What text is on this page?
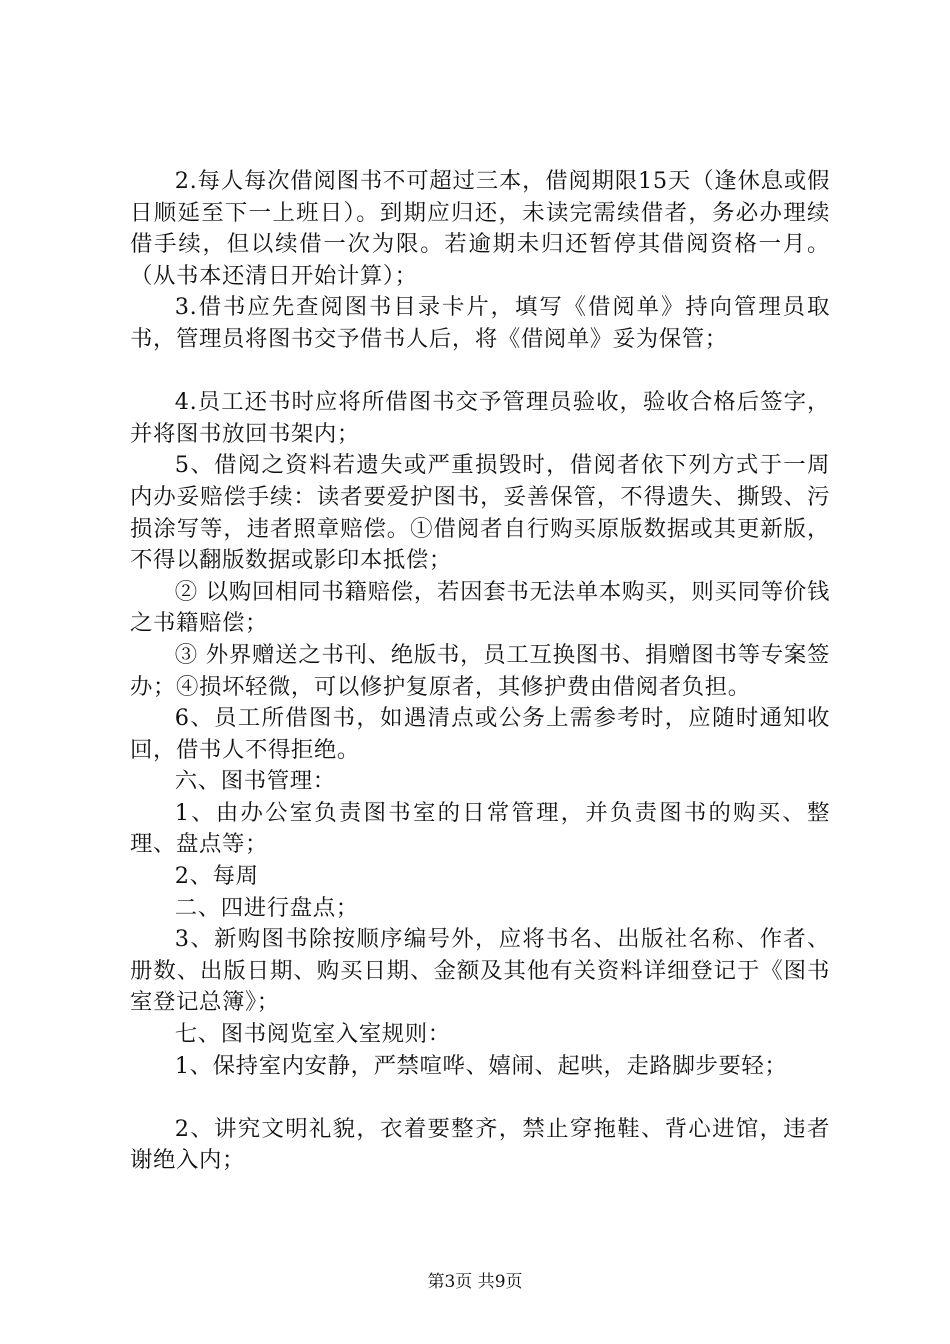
2.每人每次借阅图书不可超过三本，借阅期限15天（逢休息或假日顺延至下一上班日）。到期应归还，未读完需续借者，务必办理续借手续，但以续借一次为限。若逾期未归还暂停其借阅资格一月。（从书本还清日开始计算）；

3.借书应先查阅图书目录卡片，填写《借阅单》持向管理员取书，管理员将图书交予借书人后，将《借阅单》妥为保管；

4.员工还书时应将所借图书交予管理员验收，验收合格后签字，并将图书放回书架内；

5、借阅之资料若遗失或严重损毁时，借阅者依下列方式于一周内办妥赔偿手续：读者要爱护图书，妥善保管，不得遗失、撕毁、污损涂写等，违者照章赔偿。①借阅者自行购买原版数据或其更新版，不得以翻版数据或影印本抵偿；

② 以购回相同书籍赔偿，若因套书无法单本购买，则买同等价钱之书籍赔偿；

③ 外界赠送之书刊、绝版书，员工互换图书、捐赠图书等专案签办；④损坏轻微，可以修护复原者，其修护费由借阅者负担。

6、员工所借图书，如遇清点或公务上需参考时，应随时通知收回，借书人不得拒绝。

六、图书管理：

1、由办公室负责图书室的日常管理，并负责图书的购买、整理、盘点等；

2、每周

二、四进行盘点；

3、新购图书除按顺序编号外，应将书名、出版社名称、作者、册数、出版日期、购买日期、金额及其他有关资料详细登记于《图书室登记总簿》；

七、图书阅览室入室规则：

1、保持室内安静，严禁喧哗、嬉闹、起哄，走路脚步要轻；

2、讲究文明礼貌，衣着要整齐，禁止穿拖鞋、背心进馆，违者谢绝入内；

第3页 共9页
